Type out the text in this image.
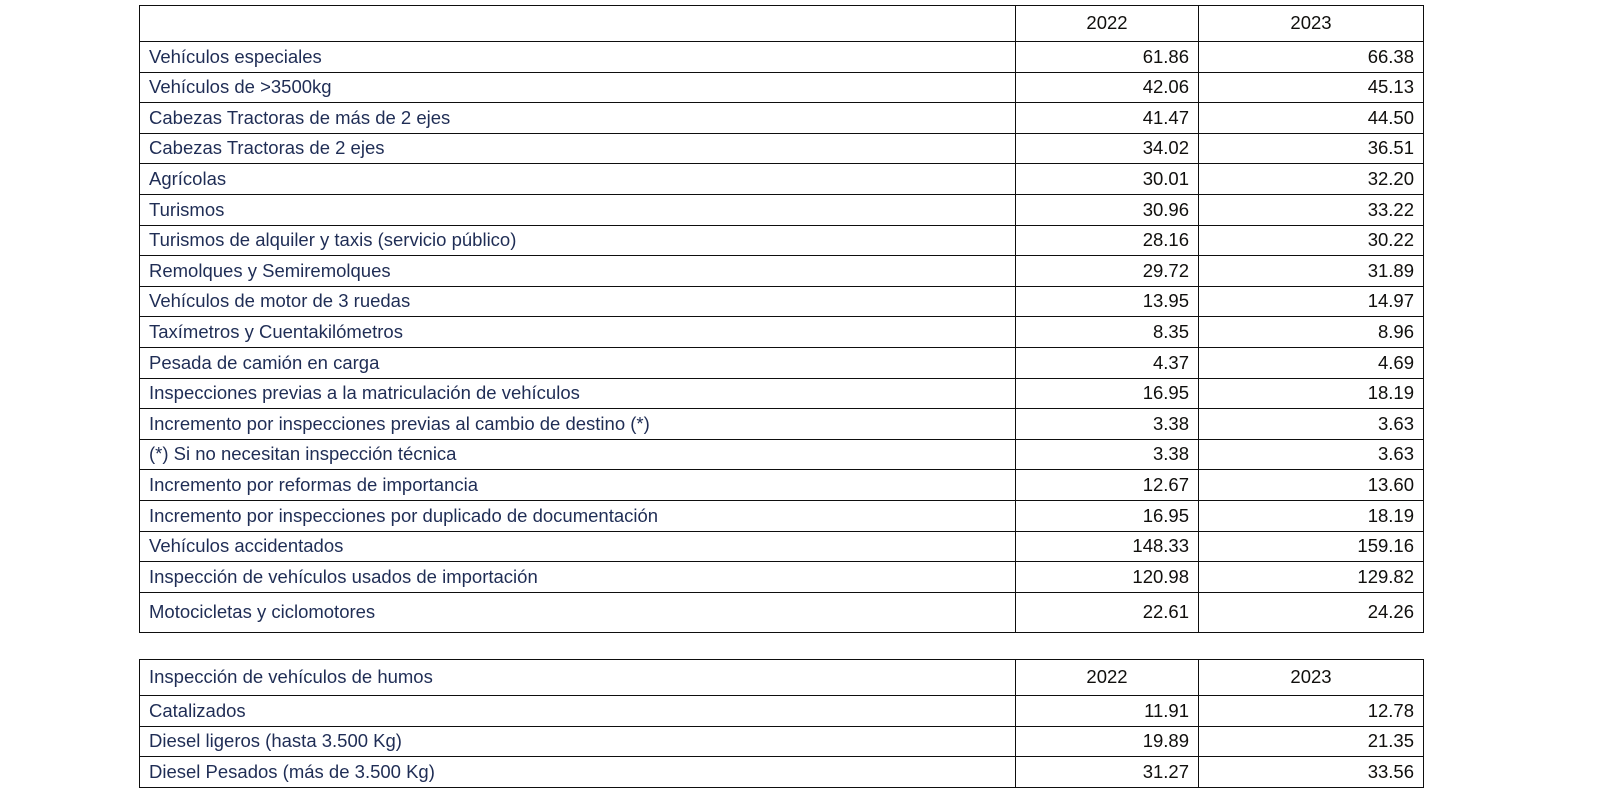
	2022	2023
Vehículos especiales	61.86	66.38
Vehículos de >3500kg	42.06	45.13
Cabezas Tractoras de más de 2 ejes	41.47	44.50
Cabezas Tractoras de 2 ejes	34.02	36.51
Agrícolas	30.01	32.20
Turismos	30.96	33.22
Turismos de alquiler y taxis (servicio público)	28.16	30.22
Remolques y Semiremolques	29.72	31.89
Vehículos de motor de 3 ruedas	13.95	14.97
Taxímetros y Cuentakilómetros	8.35	8.96
Pesada de camión en carga	4.37	4.69
Inspecciones previas a la matriculación de vehículos	16.95	18.19
Incremento por inspecciones previas al cambio de destino (*)	3.38	3.63
(*) Si no necesitan inspección técnica	3.38	3.63
Incremento por reformas de importancia	12.67	13.60
Incremento por inspecciones por duplicado de documentación	16.95	18.19
Vehículos accidentados	148.33	159.16
Inspección de vehículos usados de importación	120.98	129.82
Motocicletas y ciclomotores	22.61	24.26
Inspección de vehículos de humos	2022	2023
Catalizados	11.91	12.78
Diesel ligeros (hasta 3.500 Kg)	19.89	21.35
Diesel Pesados (más de 3.500 Kg)	31.27	33.56
